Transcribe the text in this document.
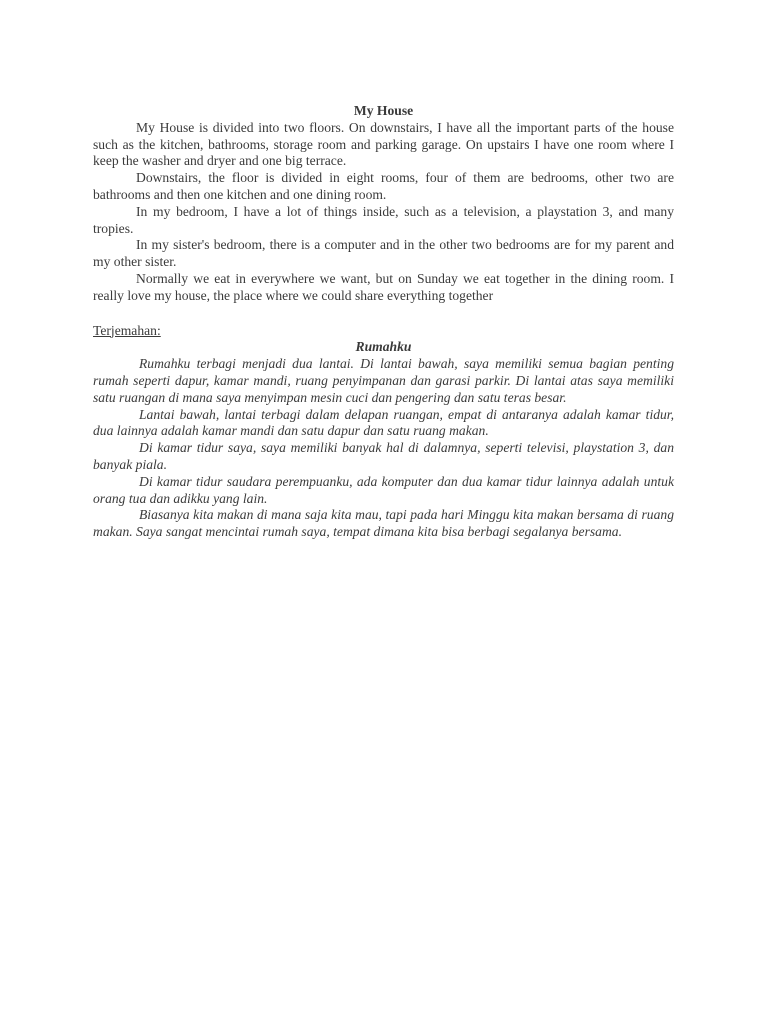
My House

My House is divided into two floors. On downstairs, I have all the important parts of the house such as the kitchen, bathrooms, storage room and parking garage. On upstairs I have one room where I keep the washer and dryer and one big terrace.

Downstairs, the floor is divided in eight rooms, four of them are bedrooms, other two are bathrooms and then one kitchen and one dining room.

In my bedroom, I have a lot of things inside, such as a television, a playstation 3, and many tropies.

In my sister's bedroom, there is a computer and in the other two bedrooms are for my parent and my other sister.

Normally we eat in everywhere we want, but on Sunday we eat together in the dining room. I really love my house, the place where we could share everything together

Terjemahan:

Rumahku

Rumahku terbagi menjadi dua lantai. Di lantai bawah, saya memiliki semua bagian penting rumah seperti dapur, kamar mandi, ruang penyimpanan dan garasi parkir. Di lantai atas saya memiliki satu ruangan di mana saya menyimpan mesin cuci dan pengering dan satu teras besar.

Lantai bawah, lantai terbagi dalam delapan ruangan, empat di antaranya adalah kamar tidur, dua lainnya adalah kamar mandi dan satu dapur dan satu ruang makan.

Di kamar tidur saya, saya memiliki banyak hal di dalamnya, seperti televisi, playstation 3, dan banyak piala.

Di kamar tidur saudara perempuanku, ada komputer dan dua kamar tidur lainnya adalah untuk orang tua dan adikku yang lain.

Biasanya kita makan di mana saja kita mau, tapi pada hari Minggu kita makan bersama di ruang makan. Saya sangat mencintai rumah saya, tempat dimana kita bisa berbagi segalanya bersama.
